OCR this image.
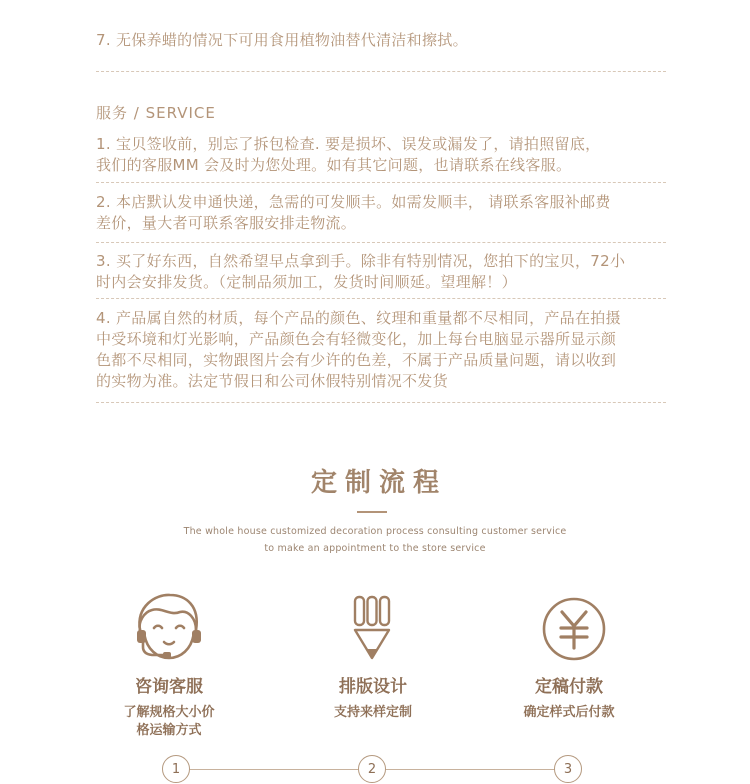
7. 无保养蜡的情况下可用食用植物油替代清洁和擦拭。
服务 / SERVICE
1. 宝贝签收前，别忘了拆包检查. 要是损坏、误发或漏发了，请拍照留底，
我们的客服MM 会及时为您处理。如有其它问题，也请联系在线客服。
2. 本店默认发申通快递，急需的可发顺丰。如需发顺丰， 请联系客服补邮费
差价，量大者可联系客服安排走物流。
3. 买了好东西，自然希望早点拿到手。除非有特别情况，您拍下的宝贝，72小
时内会安排发货。（定制品须加工，发货时间顺延。望理解！）
4. 产品属自然的材质，每个产品的颜色、纹理和重量都不尽相同，产品在拍摄
中受环境和灯光影响，产品颜色会有轻微变化，加上每台电脑显示器所显示颜
色都不尽相同，实物跟图片会有少许的色差，不属于产品质量问题，请以收到
的实物为准。法定节假日和公司休假特别情况不发货
定制流程
The whole house customized decoration process consulting customer service
to make an appointment to the store service
咨询客服
了解规格大小价
格运输方式
排版设计
支持来样定制
定稿付款
确定样式后付款
1	2	3
